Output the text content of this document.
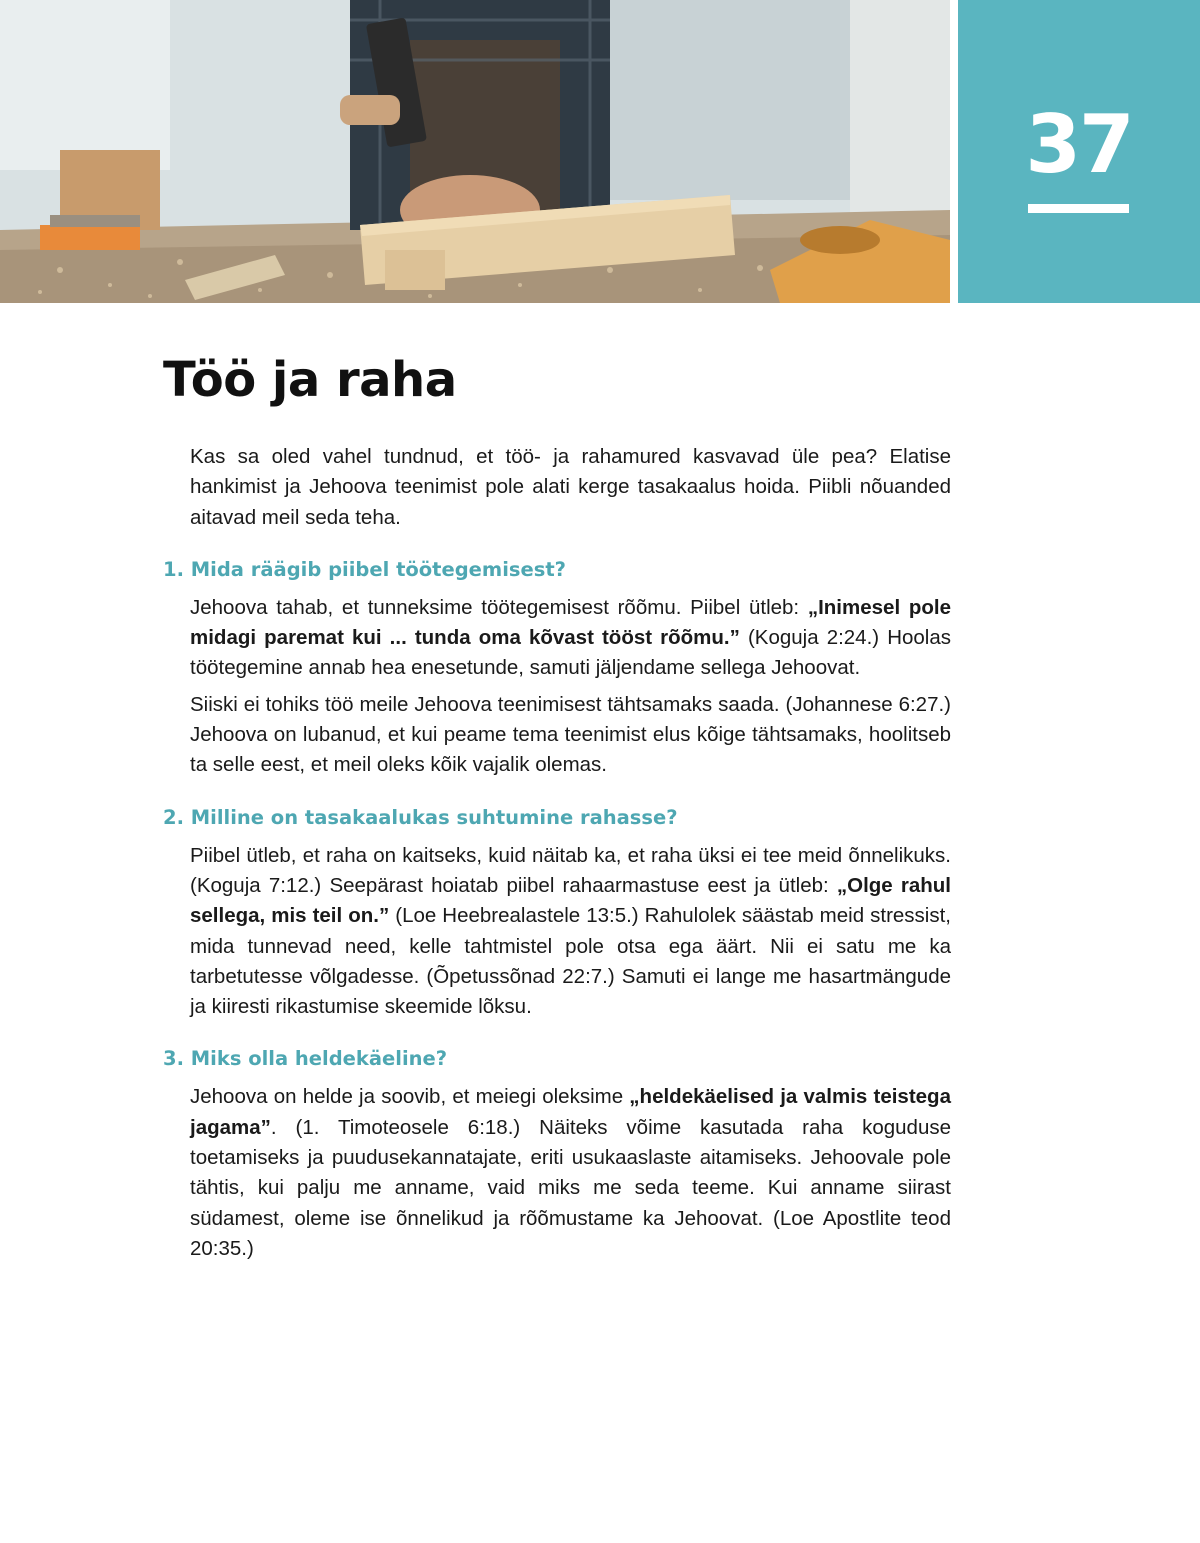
37
Töö ja raha

Kas sa oled vahel tundnud, et töö- ja rahamured kasvavad üle pea? Elatise hankimist ja Jehoova teenimist pole alati kerge tasakaalus hoida. Piibli nõuanded aitavad meil seda teha.

1. Mida räägib piibel töötegemisest?

Jehoova tahab, et tunneksime töötegemisest rõõmu. Piibel ütleb: „Inimesel pole midagi paremat kui ... tunda oma kõvast tööst rõõmu.” (Koguja 2:24.) Hoolas töötegemine annab hea enesetunde, samuti jäljendame sellega Jehoovat.

Siiski ei tohiks töö meile Jehoova teenimisest tähtsamaks saada. (Johannese 6:27.) Jehoova on lubanud, et kui peame tema teenimist elus kõige tähtsamaks, hoolitseb ta selle eest, et meil oleks kõik vajalik olemas.

2. Milline on tasakaalukas suhtumine rahasse?

Piibel ütleb, et raha on kaitseks, kuid näitab ka, et raha üksi ei tee meid õnnelikuks. (Koguja 7:12.) Seepärast hoiatab piibel rahaarmastuse eest ja ütleb: „Olge rahul sellega, mis teil on.” (Loe Heebrealastele 13:5.) Rahulolek säästab meid stressist, mida tunnevad need, kelle tahtmistel pole otsa ega äärt. Nii ei satu me ka tarbetutesse võlgadesse. (Õpetussõnad 22:7.) Samuti ei lange me hasartmängude ja kiiresti rikastumise skeemide lõksu.

3. Miks olla heldekäeline?

Jehoova on helde ja soovib, et meiegi oleksime „heldekäelised ja valmis teistega jagama”. (1. Timoteosele 6:18.) Näiteks võime kasutada raha koguduse toetamiseks ja puudusekannatajate, eriti usukaaslaste aitamiseks. Jehoovale pole tähtis, kui palju me anname, vaid miks me seda teeme. Kui anname siirast südamest, oleme ise õnnelikud ja rõõmustame ka Jehoovat. (Loe Apostlite teod 20:35.)
